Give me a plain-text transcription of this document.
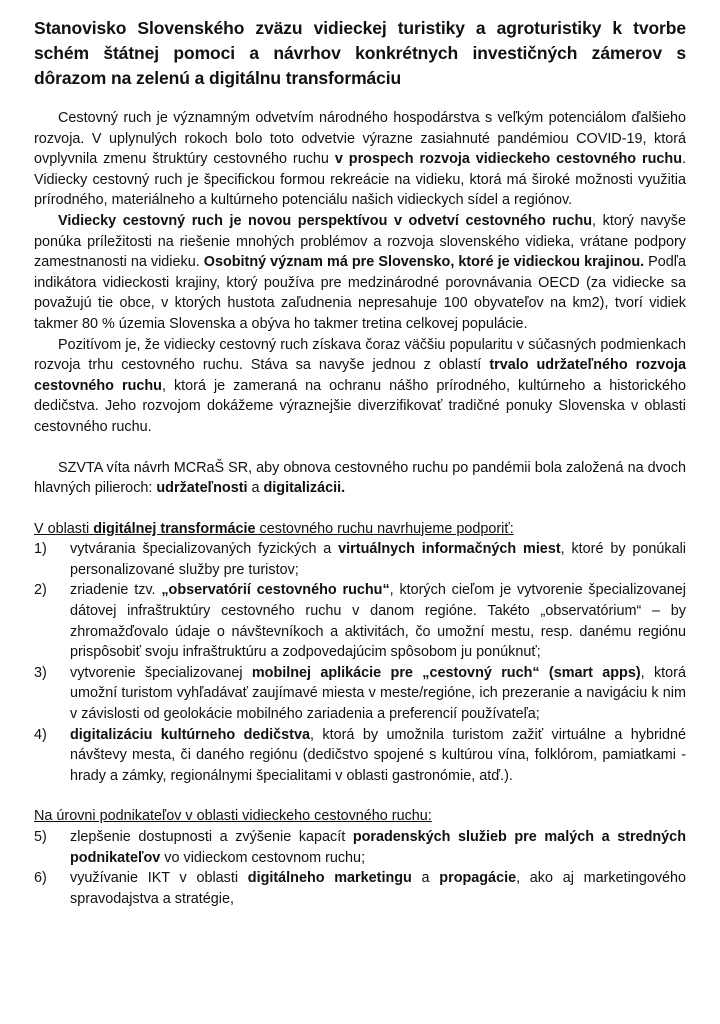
Stanovisko Slovenského zväzu vidieckej turistiky a agroturistiky k tvorbe schém štátnej pomoci a návrhov konkrétnych investičných zámerov s dôrazom na zelenú a digitálnu transformáciu

Cestovný ruch je významným odvetvím národného hospodárstva s veľkým potenciálom ďalšieho rozvoja. V uplynulých rokoch bolo toto odvetvie výrazne zasiahnuté pandémiou COVID-19, ktorá ovplyvnila zmenu štruktúry cestovného ruchu v prospech rozvoja vidieckeho cestovného ruchu. Vidiecky cestovný ruch je špecifickou formou rekreácie na vidieku, ktorá má široké možnosti využitia prírodného, materiálneho a kultúrneho potenciálu našich vidieckych sídel a regiónov.

Vidiecky cestovný ruch je novou perspektívou v odvetví cestovného ruchu, ktorý navyše ponúka príležitosti na riešenie mnohých problémov a rozvoja slovenského vidieka, vrátane podpory zamestnanosti na vidieku. Osobitný význam má pre Slovensko, ktoré je vidieckou krajinou. Podľa indikátora vidieckosti krajiny, ktorý používa pre medzinárodné porovnávania OECD (za vidiecke sa považujú tie obce, v ktorých hustota zaľudnenia nepresahuje 100 obyvateľov na km2), tvorí vidiek takmer 80 % územia Slovenska a obýva ho takmer tretina celkovej populácie.

Pozitívom je, že vidiecky cestovný ruch získava čoraz väčšiu popularitu v súčasných podmienkach rozvoja trhu cestovného ruchu. Stáva sa navyše jednou z oblastí trvalo udržateľného rozvoja cestovného ruchu, ktorá je zameraná na ochranu nášho prírodného, kultúrneho a historického dedičstva. Jeho rozvojom dokážeme výraznejšie diverzifikovať tradičné ponuky Slovenska v oblasti cestovného ruchu.

SZVTA víta návrh MCRaŠ SR, aby obnova cestovného ruchu po pandémii bola založená na dvoch hlavných pilieroch: udržateľnosti a digitalizácii.

V oblasti digitálnej transformácie cestovného ruchu navrhujeme podporiť:

1) vytvárania špecializovaných fyzických a virtuálnych informačných miest, ktoré by ponúkali personalizované služby pre turistov;
2) zriadenie tzv. „observatórií cestovného ruchu“, ktorých cieľom je vytvorenie špecializovanej dátovej infraštruktúry cestovného ruchu v danom regióne. Takéto „observatórium“ – by zhromažďovalo údaje o návštevníkoch a aktivitách, čo umožní mestu, resp. danému regiónu prispôsobiť svoju infraštruktúru a zodpovedajúcim spôsobom ju ponúknuť;
3) vytvorenie špecializovanej mobilnej aplikácie pre „cestovný ruch“ (smart apps), ktorá umožní turistom vyhľadávať zaujímavé miesta v meste/regióne, ich prezeranie a navigáciu k nim v závislosti od geolokácie mobilného zariadenia a preferencií používateľa;
4) digitalizáciu kultúrneho dedičstva, ktorá by umožnila turistom zažiť virtuálne a hybridné návštevy mesta, či daného regiónu (dedičstvo spojené s kultúrou vína, folklórom, pamiatkami - hrady a zámky, regionálnymi špecialitami v oblasti gastronómie, atď.).

Na úrovni podnikateľov v oblasti vidieckeho cestovného ruchu:

5) zlepšenie dostupnosti a zvýšenie kapacít poradenských služieb pre malých a stredných podnikateľov vo vidieckom cestovnom ruchu;
6) využívanie IKT v oblasti digitálneho marketingu a propagácie, ako aj marketingového spravodajstva a stratégie,
